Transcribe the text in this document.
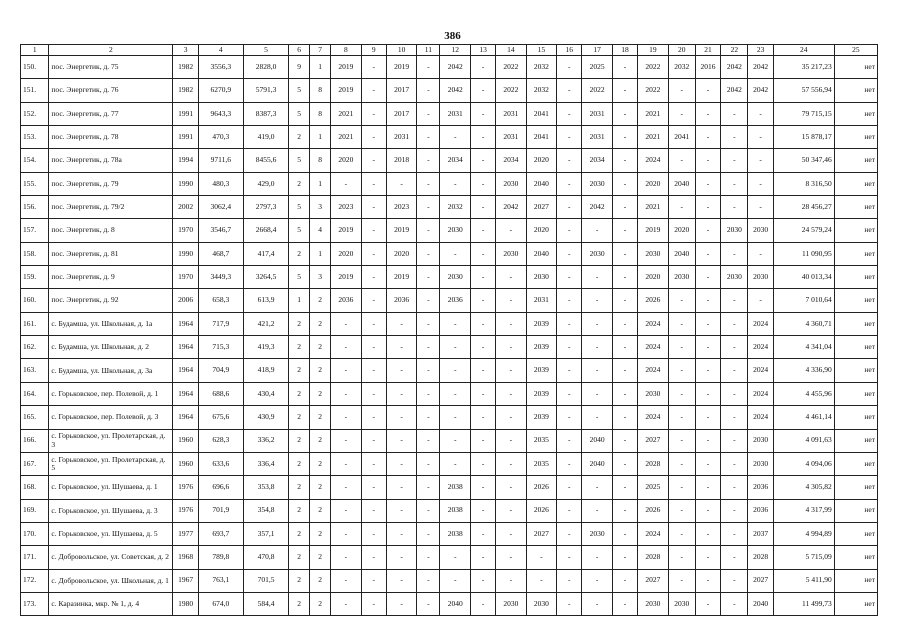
386
1	2	3	4	5	6	7	8	9	10	11	12	13	14	15	16	17	18	19	20	21	22	23	24	25
150.	пос. Энергетик, д. 75	1982	3556,3	2828,0	9	1	2019	-	2019	-	2042	-	2022	2032	-	2025	-	2022	2032	2016	2042	2042	35 217,23	нет
151.	пос. Энергетик, д. 76	1982	6270,9	5791,3	5	8	2019	-	2017	-	2042	-	2022	2032	-	2022	-	2022	-	-	2042	2042	57 556,94	нет
152.	пос. Энергетик, д. 77	1991	9643,3	8387,3	5	8	2021	-	2017	-	2031	-	2031	2041	-	2031	-	2021	-	-	-	-	79 715,15	нет
153.	пос. Энергетик, д. 78	1991	470,3	419,0	2	1	2021	-	2031	-	-	-	2031	2041	-	2031	-	2021	2041	-	-	-	15 878,17	нет
154.	пос. Энергетик, д. 78а	1994	9711,6	8455,6	5	8	2020	-	2018	-	2034	-	2034	2020	-	2034	-	2024	-	-	-	-	50 347,46	нет
155.	пос. Энергетик, д. 79	1990	480,3	429,0	2	1	-	-	-	-	-	-	2030	2040	-	2030	-	2020	2040	-	-	-	8 316,50	нет
156.	пос. Энергетик, д. 79/2	2002	3062,4	2797,3	5	3	2023	-	2023	-	2032	-	2042	2027	-	2042	-	2021	-	-	-	-	28 456,27	нет
157.	пос. Энергетик, д. 8	1970	3546,7	2668,4	5	4	2019	-	2019	-	2030	-	-	2020	-	-	-	2019	2020	-	2030	2030	24 579,24	нет
158.	пос. Энергетик, д. 81	1990	468,7	417,4	2	1	2020	-	2020	-	-	-	2030	2040	-	2030	-	2030	2040	-	-	-	11 090,95	нет
159.	пос. Энергетик, д. 9	1970	3449,3	3264,5	5	3	2019	-	2019	-	2030	-	-	2030	-	-	-	2020	2030	-	2030	2030	40 013,34	нет
160.	пос. Энергетик, д. 92	2006	658,3	613,9	1	2	2036	-	2036	-	2036	-	-	2031	-	-	-	2026	-	-	-	-	7 010,64	нет
161.	с. Будамша, ул. Школьная, д. 1а	1964	717,9	421,2	2	2	-	-	-	-	-	-	-	2039	-	-	-	2024	-	-	-	2024	4 360,71	нет
162.	с. Будамша, ул. Школьная, д. 2	1964	715,3	419,3	2	2	-	-	-	-	-	-	-	2039	-	-	-	2024	-	-	-	2024	4 341,04	нет
163.	с. Будамша, ул. Школьная, д. 3а	1964	704,9	418,9	2	2	-	-	-	-	-	-	-	2039	-	-	-	2024	-	-	-	2024	4 336,90	нет
164.	с. Горьковское, пер. Полевой, д. 1	1964	688,6	430,4	2	2	-	-	-	-	-	-	-	2039	-	-	-	2030	-	-	-	2024	4 455,96	нет
165.	с. Горьковское, пер. Полевой, д. 3	1964	675,6	430,9	2	2	-	-	-	-	-	-	-	2039	-	-	-	2024	-	-	-	2024	4 461,14	нет
166.	с. Горьковское, ул. Пролетарская, д. 3	1960	628,3	336,2	2	2	-	-	-	-	-	-	-	2035	-	2040	-	2027	-	-	-	2030	4 091,63	нет
167.	с. Горьковское, ул. Пролетарская, д. 5	1960	633,6	336,4	2	2	-	-	-	-	-	-	-	2035	-	2040	-	2028	-	-	-	2030	4 094,06	нет
168.	с. Горьковское, ул. Шушаева, д. 1	1976	696,6	353,8	2	2	-	-	-	-	2038	-	-	2026	-	-	-	2025	-	-	-	2036	4 305,82	нет
169.	с. Горьковское, ул. Шушаева, д. 3	1976	701,9	354,8	2	2	-	-	-	-	2038	-	-	2026	-	-	-	2026	-	-	-	2036	4 317,99	нет
170.	с. Горьковское, ул. Шушаева, д. 5	1977	693,7	357,1	2	2	-	-	-	-	2038	-	-	2027	-	2030	-	2024	-	-	-	2037	4 994,89	нет
171.	с. Добровольское, ул. Советская, д. 2	1968	789,8	470,8	2	2	-	-	-	-	-	-	-	-	-	-	-	2028	-	-	-	2028	5 715,09	нет
172.	с. Добровольское, ул. Школьная, д. 1	1967	763,1	701,5	2	2	-	-	-	-	-	-	-	-	-	-	-	2027	-	-	-	2027	5 411,90	нет
173.	с. Каразинка, мкр. № 1, д. 4	1980	674,0	584,4	2	2	-	-	-	-	2040	-	2030	2030	-	-	-	2030	2030	-	-	2040	11 499,73	нет
